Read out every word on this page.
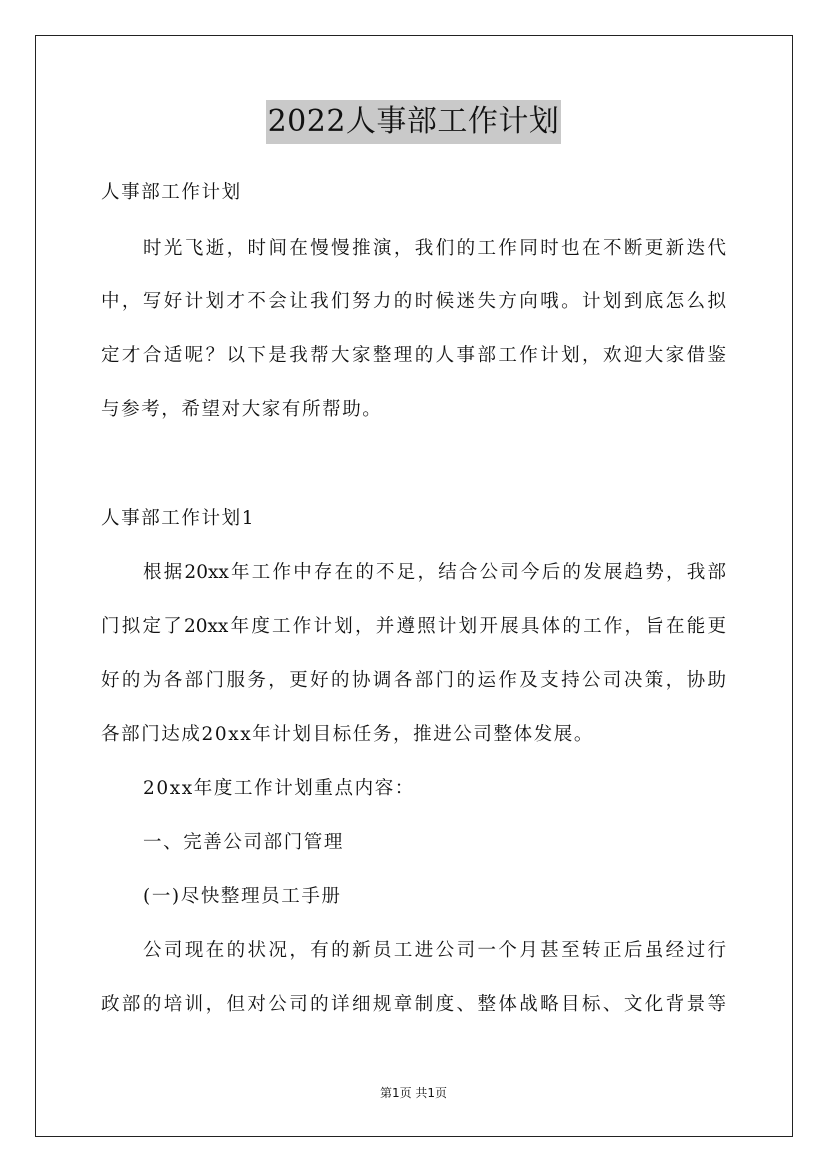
2022人事部工作计划
人事部工作计划
时光飞逝，时间在慢慢推演，我们的工作同时也在不断更新迭代
中，写好计划才不会让我们努力的时候迷失方向哦。计划到底怎么拟
定才合适呢？以下是我帮大家整理的人事部工作计划，欢迎大家借鉴
与参考，希望对大家有所帮助。
人事部工作计划1
根据20xx年工作中存在的不足，结合公司今后的发展趋势，我部
门拟定了20xx年度工作计划，并遵照计划开展具体的工作，旨在能更
好的为各部门服务，更好的协调各部门的运作及支持公司决策，协助
各部门达成20xx年计划目标任务，推进公司整体发展。
20xx年度工作计划重点内容：
一、完善公司部门管理
(一)尽快整理员工手册
公司现在的状况，有的新员工进公司一个月甚至转正后虽经过行
政部的培训，但对公司的详细规章制度、整体战略目标、文化背景等
第1页 共1页
